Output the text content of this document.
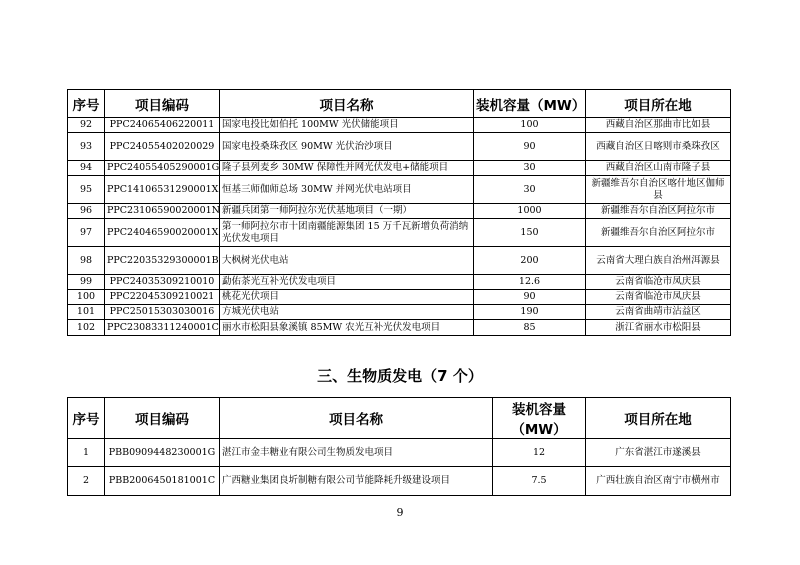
序号	项目编码	项目名称	装机容量（MW）	项目所在地
92	PPC24065406220011	国家电投比如伯托 100MW 光伏储能项目	100	西藏自治区那曲市比如县
93	PPC24055402020029	国家电投桑珠孜区 90MW 光伏治沙项目	90	西藏自治区日喀则市桑珠孜区
94	PPC24055405290001G	隆子县列麦乡 30MW 保障性并网光伏发电+储能项目	30	西藏自治区山南市隆子县
95	PPC14106531290001X	恒基三师伽师总场 30MW 并网光伏电站项目	30	新疆维吾尔自治区喀什地区伽师县
96	PPC23106590020001N	新疆兵团第一师阿拉尔光伏基地项目（一期）	1000	新疆维吾尔自治区阿拉尔市
97	PPC24046590020001X	第一师阿拉尔市十团南疆能源集团 15 万千瓦新增负荷消纳光伏发电项目	150	新疆维吾尔自治区阿拉尔市
98	PPC22035329300001B	大枫树光伏电站	200	云南省大理白族自治州洱源县
99	PPC24035309210010	勐佑茶光互补光伏发电项目	12.6	云南省临沧市凤庆县
100	PPC22045309210021	桃花光伏项目	90	云南省临沧市凤庆县
101	PPC25015303030016	方城光伏电站	190	云南省曲靖市沾益区
102	PPC23083311240001C	丽水市松阳县象溪镇 85MW 农光互补光伏发电项目	85	浙江省丽水市松阳县
三、生物质发电（7 个）
序号	项目编码	项目名称	装机容量（MW）	项目所在地
1	PBB0909448230001G	湛江市金丰糖业有限公司生物质发电项目	12	广东省湛江市遂溪县
2	PBB2006450181001C	广西糖业集团良圻制糖有限公司节能降耗升级建设项目	7.5	广西壮族自治区南宁市横州市
9
